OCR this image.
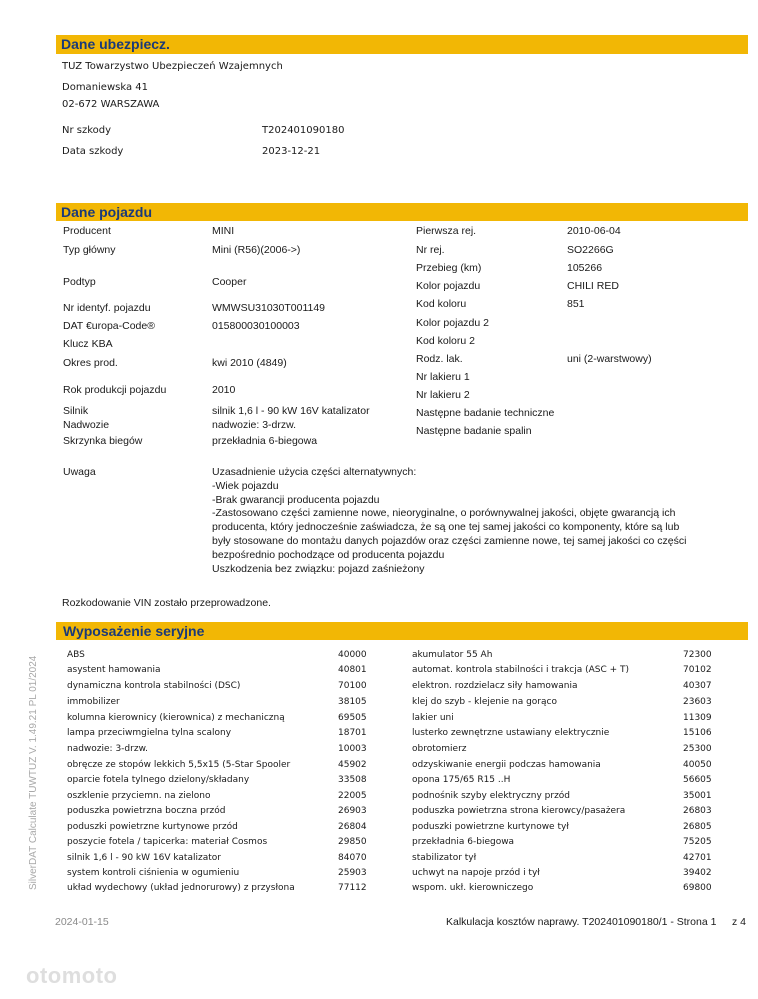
Dane ubezpiecz.
TUZ Towarzystwo Ubezpieczeń Wzajemnych
Domaniewska 41
02-672 WARSZAWA
Nr szkody	T202401090180
Data szkody	2023-12-21
Dane pojazdu
Producent	MINI
Typ główny	Mini (R56)(2006->)
Podtyp	Cooper
Nr identyf. pojazdu	WMWSU31030T001149
DAT €uropa-Code®	015800030100003
Klucz KBA
Okres prod.	kwi 2010 (4849)
Rok produkcji pojazdu	2010
Silnik	silnik 1,6 l - 90 kW 16V katalizator
Nadwozie	nadwozie: 3-drzw.
Skrzynka biegów	przekładnia 6-biegowa
Pierwsza rej.	2010-06-04
Nr rej.	SO2266G
Przebieg (km)	105266
Kolor pojazdu	CHILI RED
Kod koloru	851
Kolor pojazdu 2
Kod koloru 2
Rodz. lak.	uni (2-warstwowy)
Nr lakieru 1
Nr lakieru 2
Następne badanie techniczne
Następne badanie spalin
Uwaga	Uzasadnienie użycia części alternatywnych:
-Wiek pojazdu
-Brak gwarancji producenta pojazdu
-Zastosowano części zamienne nowe, nieoryginalne, o porównywalnej jakości, objęte gwarancją ich
producenta, który jednocześnie zaświadcza, że są one tej samej jakości co komponenty, które są lub
były stosowane do montażu danych pojazdów oraz części zamienne nowe, tej samej jakości co części
bezpośrednio pochodzące od producenta pojazdu
Uszkodzenia bez związku: pojazd zaśnieżony
Rozkodowanie VIN zostało przeprowadzone.
Wyposażenie seryjne
ABS	40000
asystent hamowania	40801
dynamiczna kontrola stabilności (DSC)	70100
immobilizer	38105
kolumna kierownicy (kierownica) z mechaniczną	69505
lampa przeciwmgielna tylna scalony	18701
nadwozie: 3-drzw.	10003
obręcze ze stopów lekkich 5,5x15 (5-Star Spooler	45902
oparcie fotela tylnego dzielony/składany	33508
oszklenie przyciemn. na zielono	22005
poduszka powietrzna boczna przód	26903
poduszki powietrzne kurtynowe przód	26804
poszycie fotela / tapicerka: materiał Cosmos	29850
silnik 1,6 l - 90 kW 16V katalizator	84070
system kontroli ciśnienia w ogumieniu	25903
układ wydechowy (układ jednorurowy) z przysłona	77112
akumulator 55 Ah	72300
automat. kontrola stabilności i trakcja (ASC + T)	70102
elektron. rozdzielacz siły hamowania	40307
klej do szyb - klejenie na gorąco	23603
lakier uni	11309
lusterko zewnętrzne ustawiany elektrycznie	15106
obrotomierz	25300
odzyskiwanie energii podczas hamowania	40050
opona 175/65 R15 ..H	56605
podnośnik szyby elektryczny przód	35001
poduszka powietrzna strona kierowcy/pasażera	26803
poduszki powietrzne kurtynowe tył	26805
przekładnia 6-biegowa	75205
stabilizator tył	42701
uchwyt na napoje przód i tył	39402
wspom. ukł. kierowniczego	69800
SilverDAT Calculate TUWTUZ V. 1.49.21 PL 01/2024
2024-01-15	Kalkulacja kosztów naprawy. T202401090180/1 - Strona 1 z 4
otomoto
